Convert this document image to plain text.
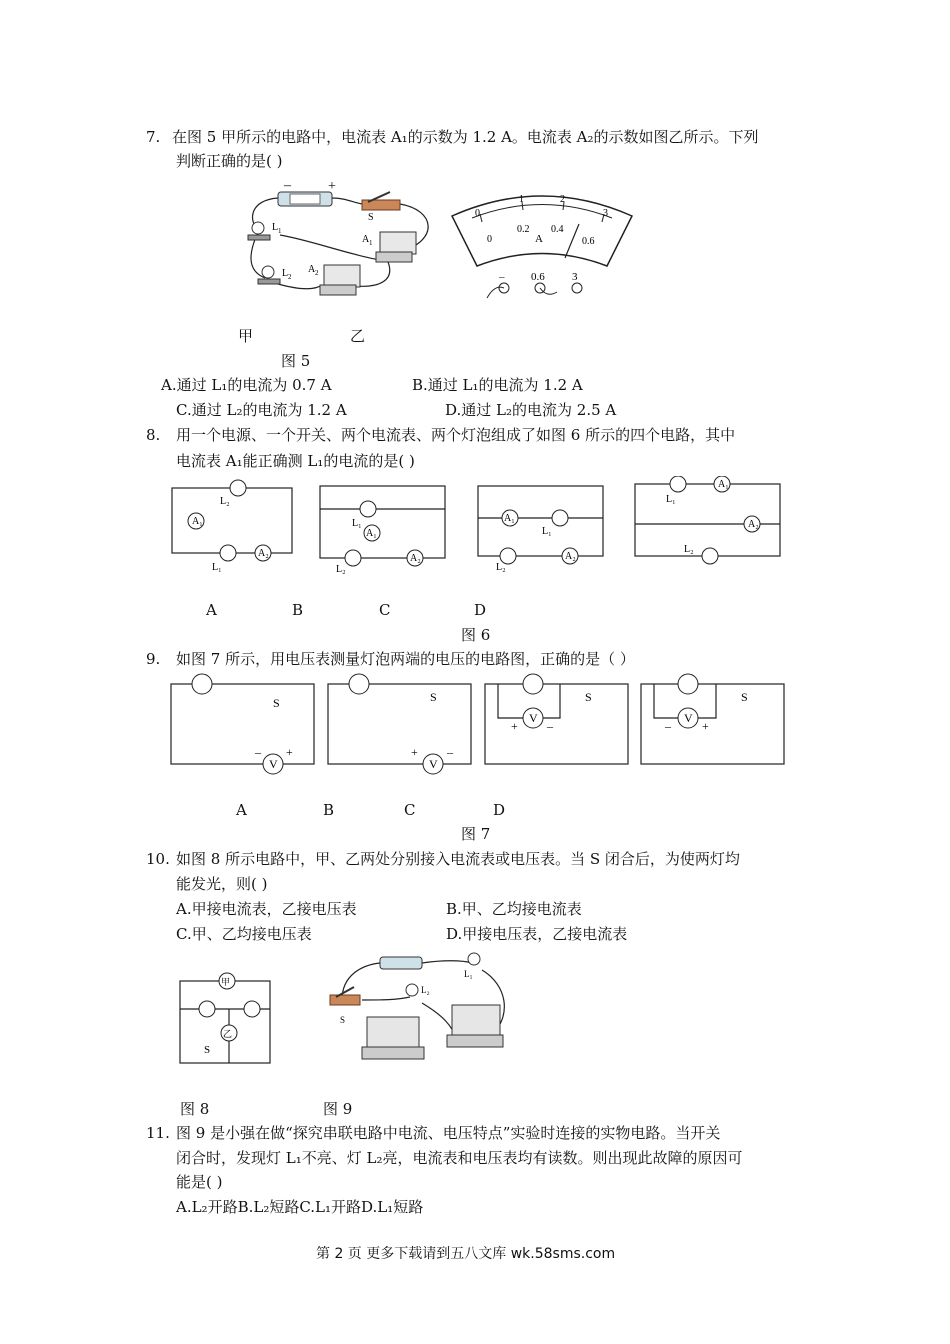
7. 在图 5 甲所示的电路中，电流表 A₁的示数为 1.2 A。电流表 A₂的示数如图乙所示。下列
判断正确的是( )
–	+
S
L 1
L 2
A 1
A 2
0
1	2
3
0
0.2 0.4
0.6
A
– 0.6 3
甲	乙
图 5
A.通过 L₁的电流为 0.7 A	B.通过 L₁的电流为 1.2 A
C.通过 L₂的电流为 1.2 A	D.通过 L₂的电流为 2.5 A
8. 用一个电源、一个开关、两个电流表、两个灯泡组成了如图 6 所示的四个电路，其中
电流表 A₁能正确测 L₁的电流的是( )
L₂
A₁
A₂
L₁
L₁
A₁
L₂
A₂
A₁
L₁
L₂
A₂
L₁
A₁
A₂
L₂
A	B	C	D
图 6
9. 如图 7 所示，用电压表测量灯泡两端的电压的电路图，正确的是（ ）
S	S	S	S
V	V
V	V
– +	+ –
+ –	–	+
A	B	C	D
图 7
10. 如图 8 所示电路中，甲、乙两处分别接入电流表或电压表。当 S 闭合后，为使两灯均
能发光，则( )
A.甲接电流表，乙接电压表	B.甲、乙均接电流表
C.甲、乙均接电压表	D.甲接电压表，乙接电流表
甲
乙
S
S
L₁
L₂
图 8	图 9
11. 图 9 是小强在做“探究串联电路中电流、电压特点”实验时连接的实物电路。当开关
闭合时，发现灯 L₁不亮、灯 L₂亮，电流表和电压表均有读数。则出现此故障的原因可
能是( )
A.L₂开路B.L₂短路C.L₁开路D.L₁短路
第 2 页 更多下载请到五八文库 wk.58sms.com
